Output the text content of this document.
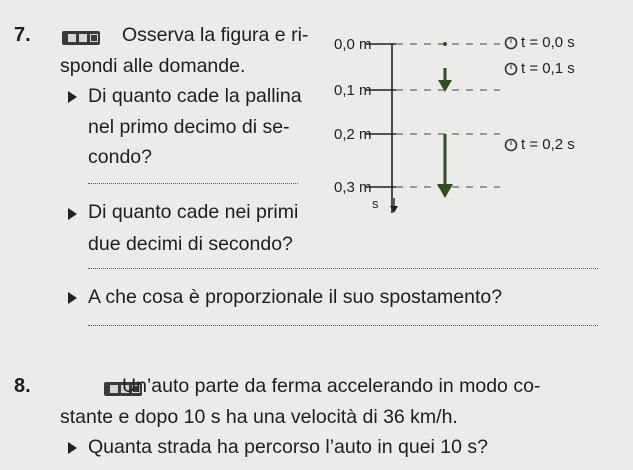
7.
	Osserva la figura e ri-
spondi alle domande.
Di quanto cade la pallina
nel primo decimo di se-
condo?
Di quanto cade nei primi
due decimi di secondo?
A che cosa è proporzionale il suo spostamento?
0,0 m
0,1 m
0,2 m
0,3 m
s
t = 0,0 s
t = 0,1 s
t = 0,2 s
8.	Un’auto parte da ferma accelerando in modo co-
stante e dopo 10 s ha una velocità di 36 km/h.
Quanta strada ha percorso l’auto in quei 10 s?
